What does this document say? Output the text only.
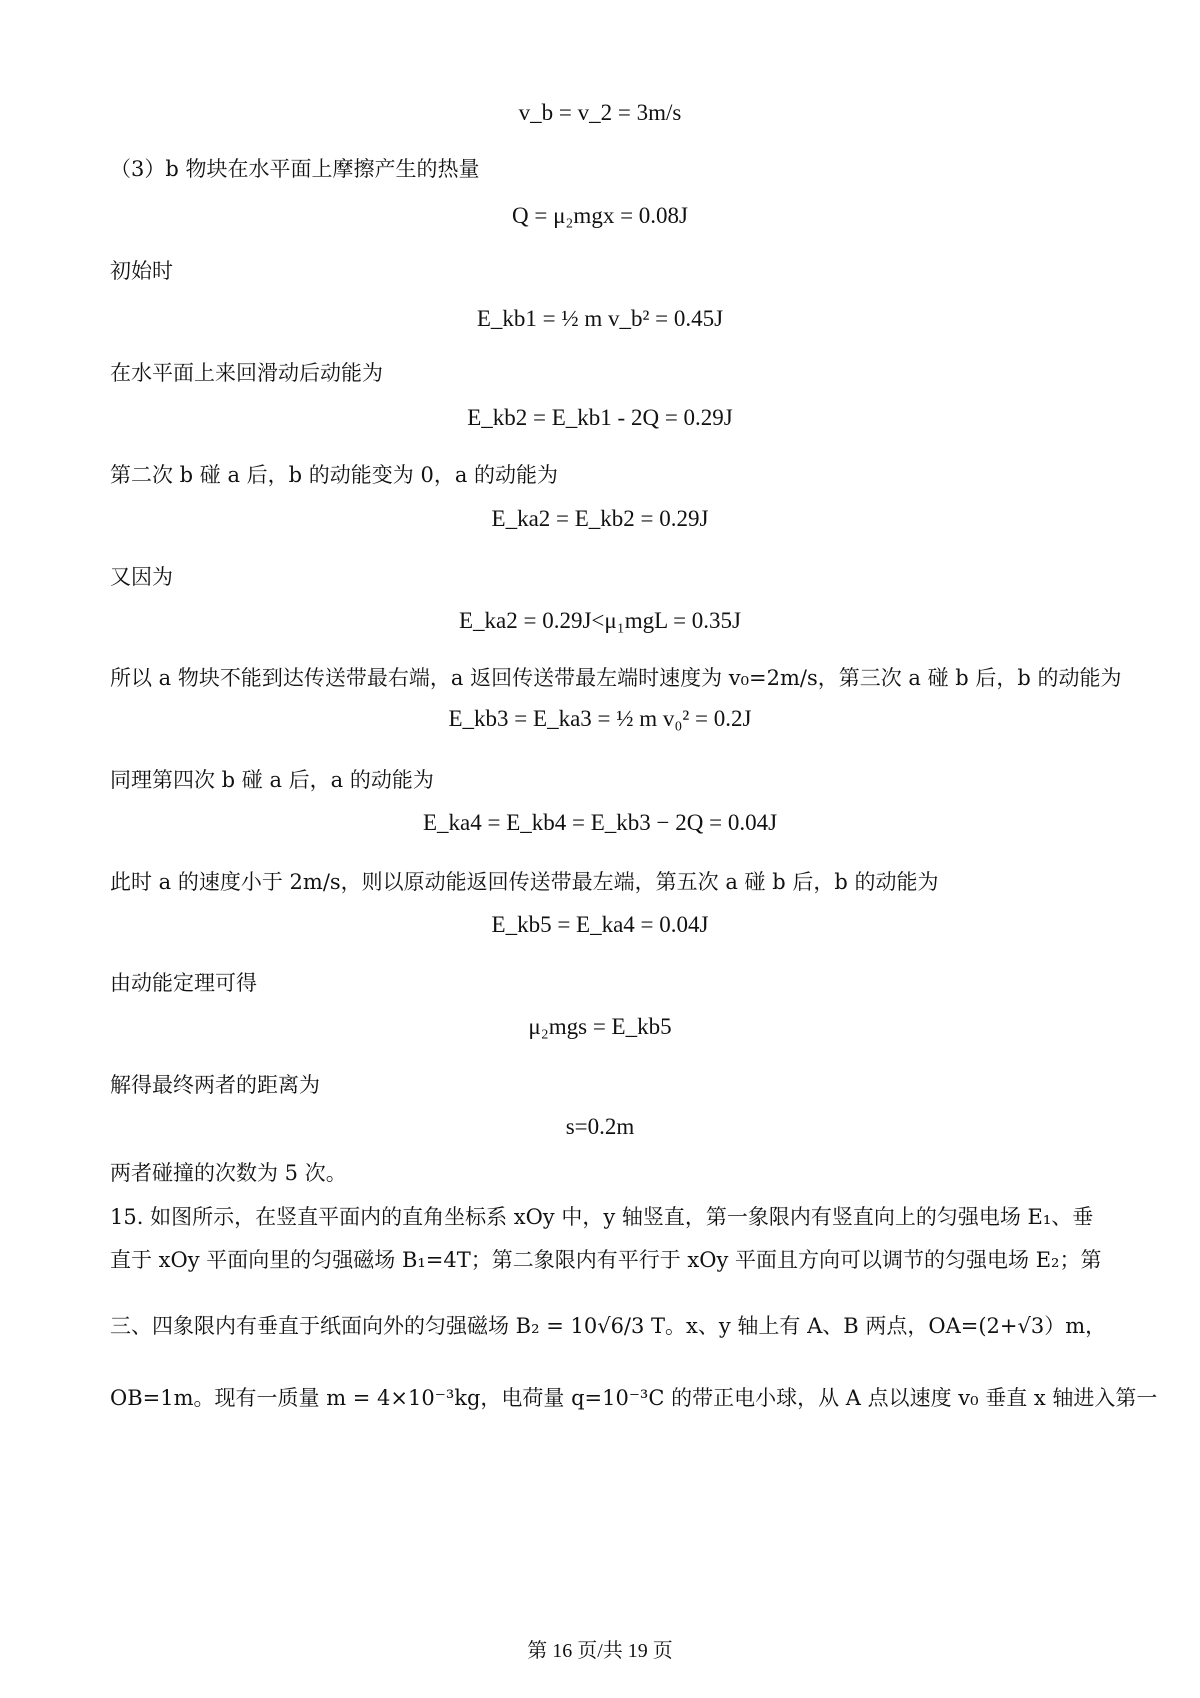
v_b = v_2 = 3m/s
（3）b 物块在水平面上摩擦产生的热量
Q = μ₂mgx = 0.08J
初始时
E_kb1 = ½ m v_b² = 0.45J
在水平面上来回滑动后动能为
E_kb2 = E_kb1 - 2Q = 0.29J
第二次 b 碰 a 后，b 的动能变为 0，a 的动能为
E_ka2 = E_kb2 = 0.29J
又因为
E_ka2 = 0.29J<μ₁mgL = 0.35J
所以 a 物块不能到达传送带最右端，a 返回传送带最左端时速度为 v₀=2m/s，第三次 a 碰 b 后，b 的动能为
E_kb3 = E_ka3 = ½ m v₀² = 0.2J
同理第四次 b 碰 a 后，a 的动能为
E_ka4 = E_kb4 = E_kb3 − 2Q = 0.04J
此时 a 的速度小于 2m/s，则以原动能返回传送带最左端，第五次 a 碰 b 后，b 的动能为
E_kb5 = E_ka4 = 0.04J
由动能定理可得
μ₂mgs = E_kb5
解得最终两者的距离为
s=0.2m
两者碰撞的次数为 5 次。
15. 如图所示，在竖直平面内的直角坐标系 xOy 中，y 轴竖直，第一象限内有竖直向上的匀强电场 E₁、垂
直于 xOy 平面向里的匀强磁场 B₁=4T；第二象限内有平行于 xOy 平面且方向可以调节的匀强电场 E₂；第
三、四象限内有垂直于纸面向外的匀强磁场 B₂ = 10√6/3 T。x、y 轴上有 A、B 两点，OA=(2+√3）m，
OB=1m。现有一质量 m = 4×10⁻³kg，电荷量 q=10⁻³C 的带正电小球，从 A 点以速度 v₀ 垂直 x 轴进入第一
第 16 页/共 19 页
